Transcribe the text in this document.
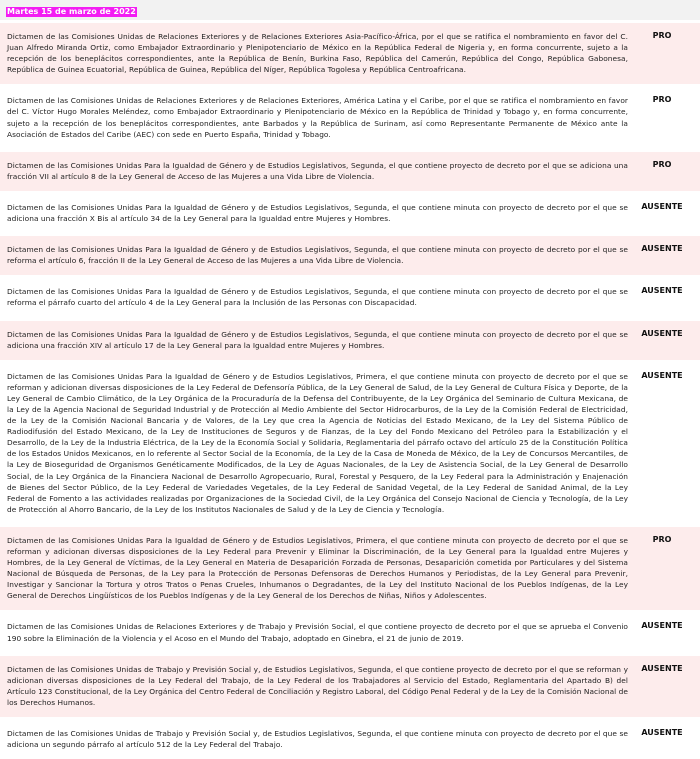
Martes 15 de marzo de 2022
Dictamen de las Comisiones Unidas de Relaciones Exteriores y de Relaciones Exteriores Asia-Pacífico-África, por el que se ratifica el nombramiento en favor del C. Juan Alfredo Miranda Ortiz, como Embajador Extraordinario y Plenipotenciario de México en la República Federal de Nigeria y, en forma concurrente, sujeto a la recepción de los beneplácitos correspondientes, ante la República de Benín, Burkina Faso, República del Camerún, República del Congo, República Gabonesa, República de Guinea Ecuatorial, República de Guinea, República del Níger, República Togolesa y República Centroafricana.
PRO
Dictamen de las Comisiones Unidas de Relaciones Exteriores y de Relaciones Exteriores, América Latina y el Caribe, por el que se ratifica el nombramiento en favor del C. Víctor Hugo Morales Meléndez, como Embajador Extraordinario y Plenipotenciario de México en la República de Trinidad y Tobago y, en forma concurrente, sujeto a la recepción de los beneplácitos correspondientes, ante Barbados y la República de Surinam, así como Representante Permanente de México ante la Asociación de Estados del Caribe (AEC) con sede en Puerto España, Trinidad y Tobago.
PRO
Dictamen de las Comisiones Unidas Para la Igualdad de Género y de Estudios Legislativos, Segunda, el que contiene proyecto de decreto por el que se adiciona una fracción VII al artículo 8 de la Ley General de Acceso de las Mujeres a una Vida Libre de Violencia.
PRO
Dictamen de las Comisiones Unidas Para la Igualdad de Género y de Estudios Legislativos, Segunda, el que contiene minuta con proyecto de decreto por el que se adiciona una fracción X Bis al artículo 34 de la Ley General para la Igualdad entre Mujeres y Hombres.
AUSENTE
Dictamen de las Comisiones Unidas Para la Igualdad de Género y de Estudios Legislativos, Segunda, el que contiene minuta con proyecto de decreto por el que se reforma el artículo 6, fracción II de la Ley General de Acceso de las Mujeres a una Vida Libre de Violencia.
AUSENTE
Dictamen de las Comisiones Unidas Para la Igualdad de Género y de Estudios Legislativos, Segunda, el que contiene minuta con proyecto de decreto por el que se reforma el párrafo cuarto del artículo 4 de la Ley General para la Inclusión de las Personas con Discapacidad.
AUSENTE
Dictamen de las Comisiones Unidas Para la Igualdad de Género y de Estudios Legislativos, Segunda, el que contiene minuta con proyecto de decreto por el que se adiciona una fracción XIV al artículo 17 de la Ley General para la Igualdad entre Mujeres y Hombres.
AUSENTE
Dictamen de las Comisiones Unidas Para la Igualdad de Género y de Estudios Legislativos, Primera, el que contiene minuta con proyecto de decreto por el que se reforman y adicionan diversas disposiciones de la Ley Federal de Defensoría Pública, de la Ley General de Salud, de la Ley General de Cultura Física y Deporte, de la Ley General de Cambio Climático, de la Ley Orgánica de la Procuraduría de la Defensa del Contribuyente, de la Ley Orgánica del Seminario de Cultura Mexicana, de la Ley de la Agencia Nacional de Seguridad Industrial y de Protección al Medio Ambiente del Sector Hidrocarburos, de la Ley de la Comisión Federal de Electricidad, de la Ley de la Comisión Nacional Bancaria y de Valores, de la Ley que crea la Agencia de Noticias del Estado Mexicano, de la Ley del Sistema Público de Radiodifusión del Estado Mexicano, de la Ley de Instituciones de Seguros y de Fianzas, de la Ley del Fondo Mexicano del Petróleo para la Estabilización y el Desarrollo, de la Ley de la Industria Eléctrica, de la Ley de la Economía Social y Solidaria, Reglamentaria del párrafo octavo del artículo 25 de la Constitución Política de los Estados Unidos Mexicanos, en lo referente al Sector Social de la Economía, de la Ley de la Casa de Moneda de México, de la Ley de Concursos Mercantiles, de la Ley de Bioseguridad de Organismos Genéticamente Modificados, de la Ley de Aguas Nacionales, de la Ley de Asistencia Social, de la Ley General de Desarrollo Social, de la Ley Orgánica de la Financiera Nacional de Desarrollo Agropecuario, Rural, Forestal y Pesquero, de la Ley Federal para la Administración y Enajenación de Bienes del Sector Público, de la Ley Federal de Variedades Vegetales, de la Ley Federal de Sanidad Vegetal, de la Ley Federal de Sanidad Animal, de la Ley Federal de Fomento a las actividades realizadas por Organizaciones de la Sociedad Civil, de la Ley Orgánica del Consejo Nacional de Ciencia y Tecnología, de la Ley de Protección al Ahorro Bancario, de la Ley de los Institutos Nacionales de Salud y de la Ley de Ciencia y Tecnología.
AUSENTE
Dictamen de las Comisiones Unidas Para la Igualdad de Género y de Estudios Legislativos, Primera, el que contiene minuta con proyecto de decreto por el que se reforman y adicionan diversas disposiciones de la Ley Federal para Prevenir y Eliminar la Discriminación, de la Ley General para la Igualdad entre Mujeres y Hombres, de la Ley General de Víctimas, de la Ley General en Materia de Desaparición Forzada de Personas, Desaparición cometida por Particulares y del Sistema Nacional de Búsqueda de Personas, de la Ley para la Protección de Personas Defensoras de Derechos Humanos y Periodistas, de la Ley General para Prevenir, Investigar y Sancionar la Tortura y otros Tratos o Penas Crueles, Inhumanos o Degradantes, de la Ley del Instituto Nacional de los Pueblos Indígenas, de la Ley General de Derechos Lingüísticos de los Pueblos Indígenas y de la Ley General de los Derechos de Niñas, Niños y Adolescentes.
PRO
Dictamen de las Comisiones Unidas de Relaciones Exteriores y de Trabajo y Previsión Social, el que contiene proyecto de decreto por el que se aprueba el Convenio 190 sobre la Eliminación de la Violencia y el Acoso en el Mundo del Trabajo, adoptado en Ginebra, el 21 de junio de 2019.
AUSENTE
Dictamen de las Comisiones Unidas de Trabajo y Previsión Social y, de Estudios Legislativos, Segunda, el que contiene proyecto de decreto por el que se reforman y adicionan diversas disposiciones de la Ley Federal del Trabajo, de la Ley Federal de los Trabajadores al Servicio del Estado, Reglamentaria del Apartado B) del Artículo 123 Constitucional, de la Ley Orgánica del Centro Federal de Conciliación y Registro Laboral, del Código Penal Federal y de la Ley de la Comisión Nacional de los Derechos Humanos.
AUSENTE
Dictamen de las Comisiones Unidas de Trabajo y Previsión Social y, de Estudios Legislativos, Segunda, el que contiene minuta con proyecto de decreto por el que se adiciona un segundo párrafo al artículo 512 de la Ley Federal del Trabajo.
AUSENTE
